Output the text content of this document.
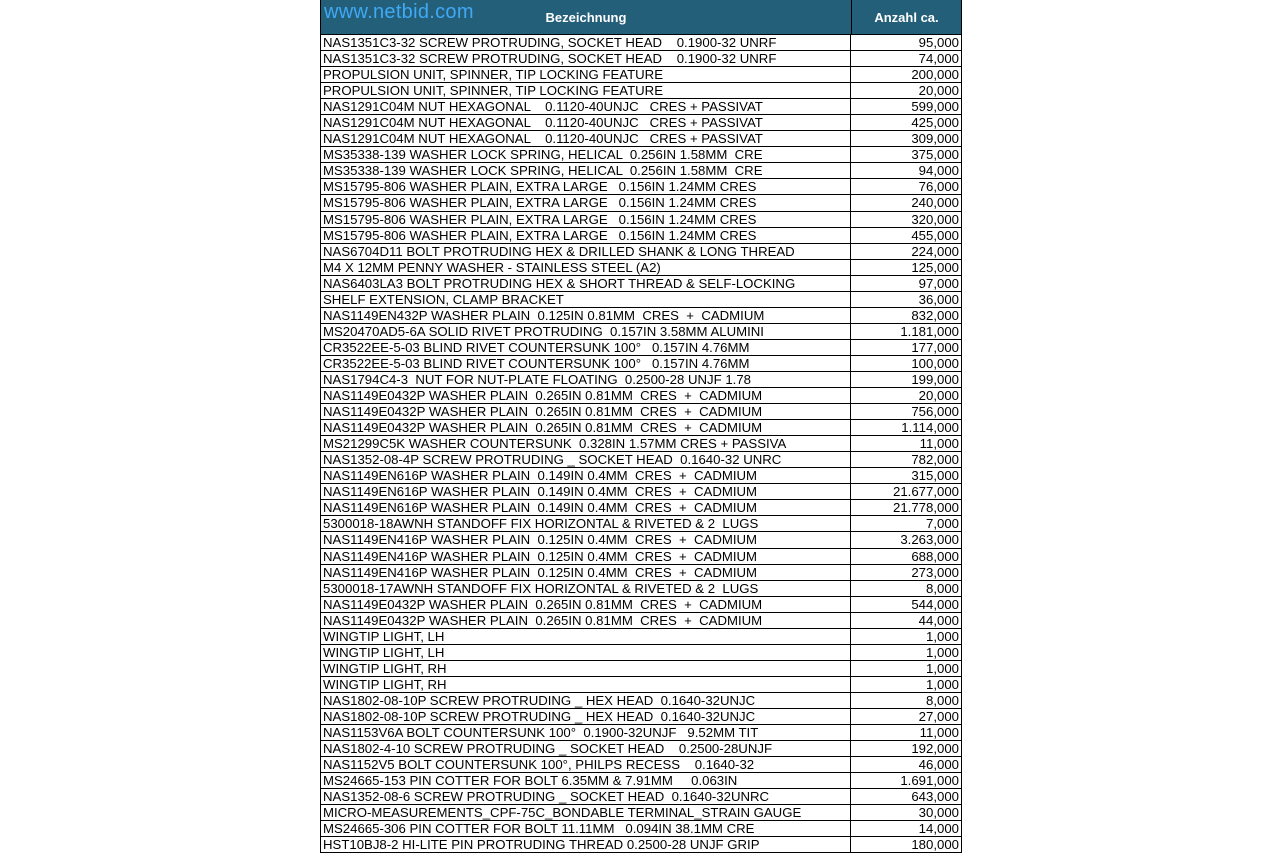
www.netbid.com	Bezeichnung	Anzahl ca.
NAS1351C3-32 SCREW PROTRUDING, SOCKET HEAD    0.1900-32 UNRF	95,000
NAS1351C3-32 SCREW PROTRUDING, SOCKET HEAD    0.1900-32 UNRF	74,000
PROPULSION UNIT, SPINNER, TIP LOCKING FEATURE	200,000
PROPULSION UNIT, SPINNER, TIP LOCKING FEATURE	20,000
NAS1291C04M NUT HEXAGONAL    0.1120-40UNJC   CRES + PASSIVAT	599,000
NAS1291C04M NUT HEXAGONAL    0.1120-40UNJC   CRES + PASSIVAT	425,000
NAS1291C04M NUT HEXAGONAL    0.1120-40UNJC   CRES + PASSIVAT	309,000
MS35338-139 WASHER LOCK SPRING, HELICAL  0.256IN 1.58MM  CRE	375,000
MS35338-139 WASHER LOCK SPRING, HELICAL  0.256IN 1.58MM  CRE	94,000
MS15795-806 WASHER PLAIN, EXTRA LARGE   0.156IN 1.24MM CRES	76,000
MS15795-806 WASHER PLAIN, EXTRA LARGE   0.156IN 1.24MM CRES	240,000
MS15795-806 WASHER PLAIN, EXTRA LARGE   0.156IN 1.24MM CRES	320,000
MS15795-806 WASHER PLAIN, EXTRA LARGE   0.156IN 1.24MM CRES	455,000
NAS6704D11 BOLT PROTRUDING HEX & DRILLED SHANK & LONG THREAD	224,000
M4 X 12MM PENNY WASHER - STAINLESS STEEL (A2)	125,000
NAS6403LA3 BOLT PROTRUDING HEX & SHORT THREAD & SELF-LOCKING	97,000
SHELF EXTENSION, CLAMP BRACKET	36,000
NAS1149EN432P WASHER PLAIN  0.125IN 0.81MM  CRES  +  CADMIUM	832,000
MS20470AD5-6A SOLID RIVET PROTRUDING  0.157IN 3.58MM ALUMINI	1.181,000
CR3522EE-5-03 BLIND RIVET COUNTERSUNK 100°   0.157IN 4.76MM	177,000
CR3522EE-5-03 BLIND RIVET COUNTERSUNK 100°   0.157IN 4.76MM	100,000
NAS1794C4-3  NUT FOR NUT-PLATE FLOATING  0.2500-28 UNJF 1.78	199,000
NAS1149E0432P WASHER PLAIN  0.265IN 0.81MM  CRES  +  CADMIUM	20,000
NAS1149E0432P WASHER PLAIN  0.265IN 0.81MM  CRES  +  CADMIUM	756,000
NAS1149E0432P WASHER PLAIN  0.265IN 0.81MM  CRES  +  CADMIUM	1.114,000
MS21299C5K WASHER COUNTERSUNK  0.328IN 1.57MM CRES + PASSIVA	11,000
NAS1352-08-4P SCREW PROTRUDING _ SOCKET HEAD  0.1640-32 UNRC	782,000
NAS1149EN616P WASHER PLAIN  0.149IN 0.4MM  CRES  +  CADMIUM	315,000
NAS1149EN616P WASHER PLAIN  0.149IN 0.4MM  CRES  +  CADMIUM	21.677,000
NAS1149EN616P WASHER PLAIN  0.149IN 0.4MM  CRES  +  CADMIUM	21.778,000
5300018-18AWNH STANDOFF FIX HORIZONTAL & RIVETED & 2  LUGS	7,000
NAS1149EN416P WASHER PLAIN  0.125IN 0.4MM  CRES  +  CADMIUM	3.263,000
NAS1149EN416P WASHER PLAIN  0.125IN 0.4MM  CRES  +  CADMIUM	688,000
NAS1149EN416P WASHER PLAIN  0.125IN 0.4MM  CRES  +  CADMIUM	273,000
5300018-17AWNH STANDOFF FIX HORIZONTAL & RIVETED & 2  LUGS	8,000
NAS1149E0432P WASHER PLAIN  0.265IN 0.81MM  CRES  +  CADMIUM	544,000
NAS1149E0432P WASHER PLAIN  0.265IN 0.81MM  CRES  +  CADMIUM	44,000
WINGTIP LIGHT, LH	1,000
WINGTIP LIGHT, LH	1,000
WINGTIP LIGHT, RH	1,000
WINGTIP LIGHT, RH	1,000
NAS1802-08-10P SCREW PROTRUDING _ HEX HEAD  0.1640-32UNJC	8,000
NAS1802-08-10P SCREW PROTRUDING _ HEX HEAD  0.1640-32UNJC	27,000
NAS1153V6A BOLT COUNTERSUNK 100°  0.1900-32UNJF   9.52MM TIT	11,000
NAS1802-4-10 SCREW PROTRUDING _ SOCKET HEAD    0.2500-28UNJF	192,000
NAS1152V5 BOLT COUNTERSUNK 100°, PHILPS RECESS    0.1640-32	46,000
MS24665-153 PIN COTTER FOR BOLT 6.35MM & 7.91MM     0.063IN	1.691,000
NAS1352-08-6 SCREW PROTRUDING _ SOCKET HEAD  0.1640-32UNRC	643,000
MICRO-MEASUREMENTS_CPF-75C_BONDABLE TERMINAL_STRAIN GAUGE	30,000
MS24665-306 PIN COTTER FOR BOLT 11.11MM   0.094IN 38.1MM CRE	14,000
HST10BJ8-2 HI-LITE PIN PROTRUDING THREAD 0.2500-28 UNJF GRIP	180,000
